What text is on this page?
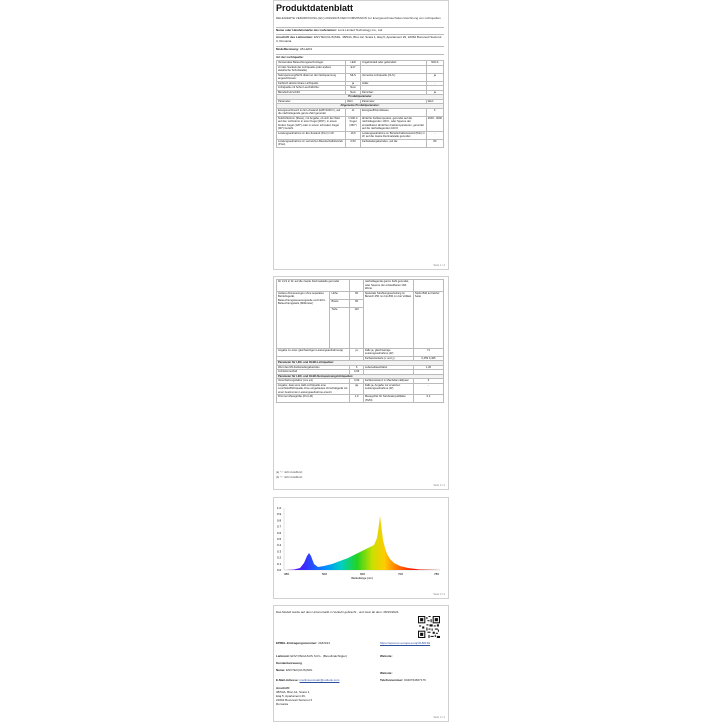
Produktdatenblatt
DELEGIERTE VERORDNUNG (EU) 2019/2015 DER KOMMISSION zur Energieverbrauchskennzeichnung von Lichtquellen
Name oder Handelsmarke des Lieferanten: Lumi-Limited Technology Co., Ltd.
Anschrift des Lieferanten: ENVTEC(GUS)SRL, 38/54A, Bloc A2, Scara 1, Etaj 5, Apartament 29, 22062 Bucuresti Sectorul 3, Romania
Modellkennung: LB-LED3
Art der Lichtquelle:
Verwendete Beleuchtungstechnologie:	LED	Ungebündelt oder gebündelt:	NDLS
Art des Sockels der Lichtquelle (oder andere elektrische Schnittstelle)	E17		
Netzspannung/Nicht direkt an der Netzspannung angeschlossen:	MLS	Vernetzte Lichtquelle (CLS):	ja
Farbisch abstimmbare Lichtquelle:	ja	Hülle:	-
Lichtquelle mit hoher Leuchtdichte:	Nein		
Blendschutzschild:	Nein	Dimmbar:	ja
Produktparameter			
Parameter	Wert	Parameter	Wert
Allgemeine Produktparameter:			
Energieverbrauch im Ein-Zustand (kWh/1000 h), auf die nächstliegende ganze Zahl gerundet	11	Energieeffizienzklasse	F
Nutzlichtstrom (Φuse), mit Angabe, ob sich der Wert auf den Lichtstrom in einer Kegel (360°), in einem breiten Kegel (120°) oder in einem schmalen Kegel (90°) bezieht	1 000 in Kugel (360°)	ähnliche Farbtemperatur, gerundet auf die nächstliegenden 100 K, oder Spanne der einstellbaren ähnlichen Farbtemperaturen, gerundet auf die nächstliegenden 100 K	2000...3000
Leistungsaufnahme im Ein-Zustand (Pon) in W	10,5	Leistungsaufnahme im Bereitschaftszustand (Psb) in W, auf die zweite Dezimalstelle gerundet	-
Leistungsaufnahme im vernetzten Bereitschaftsbetrieb (Pnet)	0,50	Farbwiedergabeindex, auf die	80
Seite 1 / 4
für CLS in W, auf die zweite Dezimalstelle gerundet			nächstliegende ganze Zahl gerundet, oder Spanne der einstellbaren CRI-Werte	
Äußere Abmessungen ohne separates Betriebsgerät, Beleuchtungssteuerungsteile und Nicht-Beleuchtungsteile (Millimeter)	Höhe	60	Spektrale Strahlungsverteilung im Bereich 250 nm bis 800 nm bei Volllast	Siehe Bild auf letzter Seite
	Breite	60		
	Tiefe	110		
Angabe zu einer gleichwertigen Leistungsaufnahme(a)		ja	Falls ja, gleichwertige Leistungsaufnahme (W)	71
			Farbwertanteile (x und y)	0,459 0,405
Parameter für LED- und OLED-Lichtquellen:				
Wert des R9-Farbwiedergabeindex		6	Lebensdauerfaktor	1,00
Lichtstromerhalt		0,96		
Parameter für LED- und OLED-Netzspannungslichtquellen:				
Verschiebungsfaktor (cos φ1)		0,99	Farbkonsistenz in MacAdam-Ellipsen	6
Angabe, dass eine LED-Lichtquelle eine Leuchtstofflichtquelle ohne eingebautes Vorschaltgerät mit einer bestimmten Leistungsaufnahme ersetzt		(a)	Falls ja, Angabe zur ersetzten Leistungsaufnahme (W)	-
Flimmer-Messgröße (Pst LM)		1,0	Messgröße für Stroboskop-Effekte (SVM)	0,4
(a) "-": nicht zutreffend;
(b) "-": nicht zutreffend;
Seite 2 / 4
1.0
0.9
0.8
0.7
0.6
0.5
0.4
0.3
0.2
0.1
0.0
380	500	600	700	780
Wellenlänge (nm)
Seite 3 / 4
Das Modell wurde auf dem Unionsmarkt in Verkehr gebracht , und zwar ab dem: 28/10/2024
EPREL-Eintragungsnummer: 2182194	https://eprel.ec.europa.eu/qr/2182194
Lieferant: ENVI PEGASUS S.R.L. (Bevollmächtigter)	Website:
Kundenbetreuung
Name: ENVTEC(GUS)SRL
Website:
E-Mail-Adresse: martinsuomsatr@outlook.com	Telefonnummer: 0040764667176
Anschrift:
38/54A, Bloc A2, Scara 1,
Etaj 5, Apartament 29,
22062 Bucuresti Sectorul 3
Romania
Seite 4 / 4
